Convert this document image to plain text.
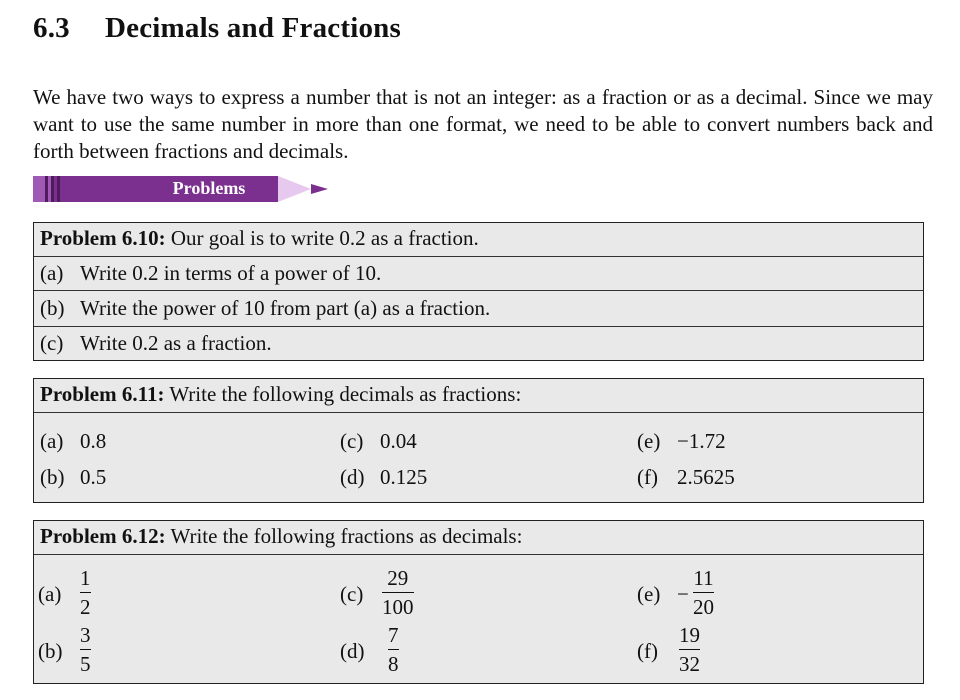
6.3 Decimals and Fractions
We have two ways to express a number that is not an integer: as a fraction or as a decimal. Since we may want to use the same number in more than one format, we need to be able to convert numbers back and forth between fractions and decimals.
Problems
Problem 6.10: Our goal is to write 0.2 as a fraction.
(a) Write 0.2 in terms of a power of 10.
(b) Write the power of 10 from part (a) as a fraction.
(c) Write 0.2 as a fraction.
Problem 6.11: Write the following decimals as fractions:
(a) 0.8
(b) 0.5
(c) 0.04
(d) 0.125
(e) −1.72
(f) 2.5625
Problem 6.12: Write the following fractions as decimals:
(a)
1
2
(b)
3
5
(c)
29
100
(d)
7
8
(e) −
11
20
(f)
19
32
